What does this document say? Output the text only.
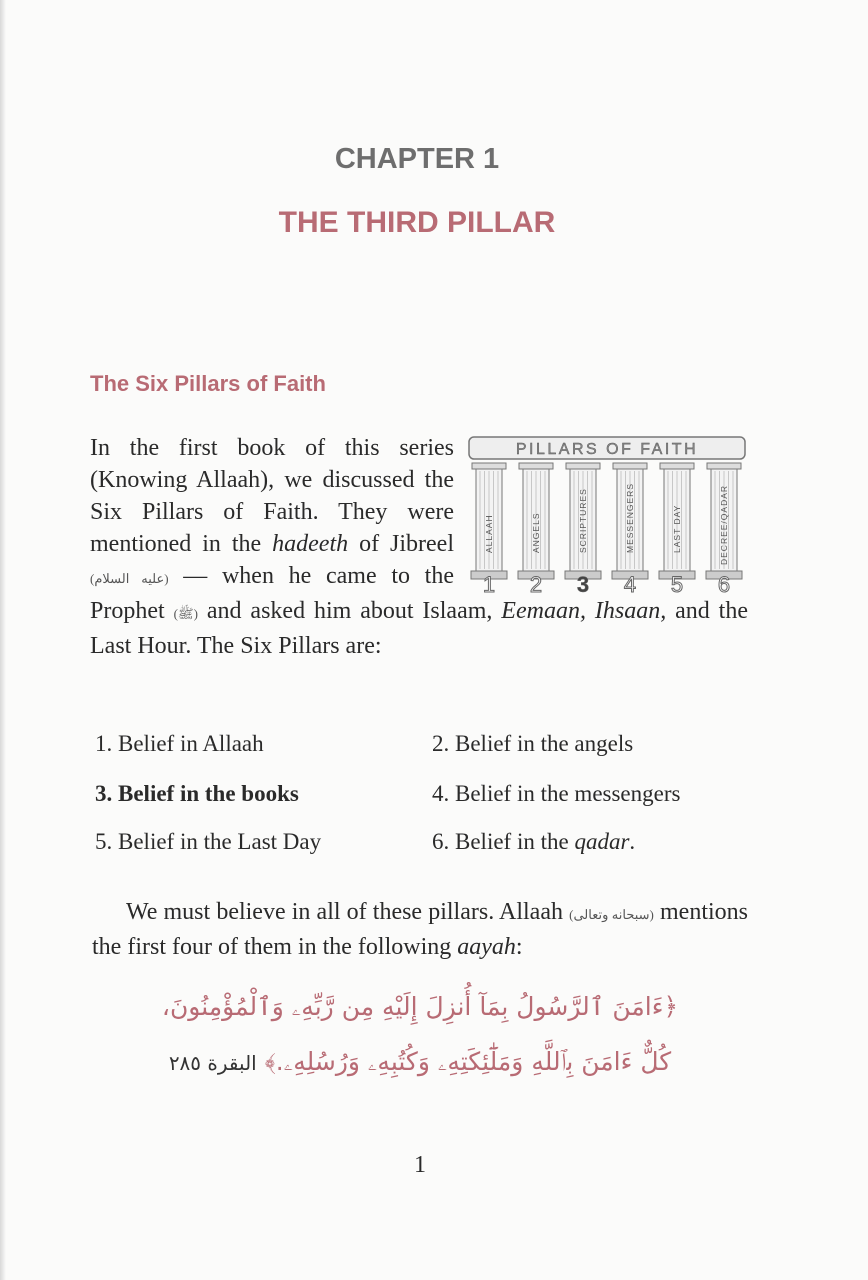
CHAPTER 1
THE THIRD PILLAR
The Six Pillars of Faith
PILLARS OF FAITH
ALLAAH	ANGELS	SCRIPTURES	MESSENGERS	LAST DAY	DECREE/QADAR
1 2 3 4 5 6
In the first book of this series (Knowing Allaah), we discussed the Six Pillars of Faith. They were mentioned in the hadeeth of Jibreel (عليه السلام) — when he came to the Prophet (ﷺ) and asked him about Islaam, Eemaan, Ihsaan, and the Last Hour. The Six Pillars are:
1. Belief in Allaah	2. Belief in the angels
3. Belief in the books	4. Belief in the messengers
5. Belief in the Last Day	6. Belief in the qadar.
We must believe in all of these pillars. Allaah (سبحانه وتعالى) mentions the first four of them in the following aayah:
﴿ءَامَنَ ٱلرَّسُولُ بِمَآ أُنزِلَ إِلَيْهِ مِن رَّبِّهِۦ وَٱلْمُؤْمِنُونَ،
كُلٌّ ءَامَنَ بِٱللَّهِ وَمَلَٰٓئِكَتِهِۦ وَكُتُبِهِۦ وَرُسُلِهِۦ.﴾ البقرة ٢٨٥
1
